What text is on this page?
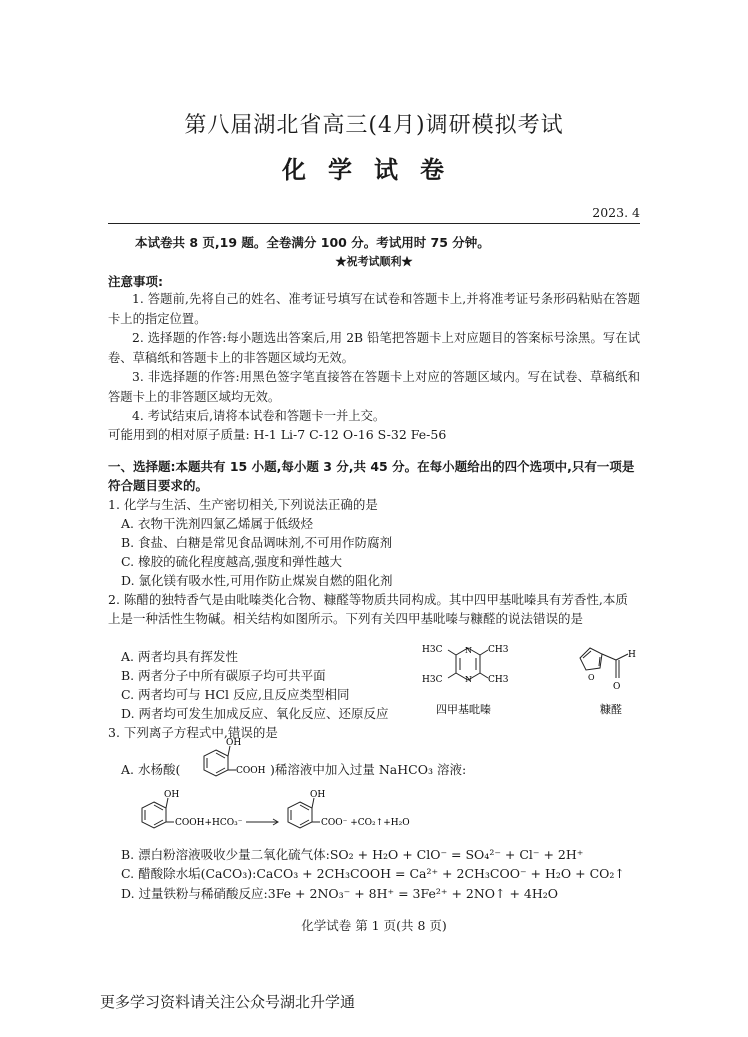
第八届湖北省高三(4月)调研模拟考试
化学试卷
2023. 4
本试卷共 8 页,19 题。全卷满分 100 分。考试用时 75 分钟。
★祝考试顺利★
注意事项:
1. 答题前,先将自己的姓名、准考证号填写在试卷和答题卡上,并将准考证号条形码粘贴在答题卡上的指定位置。
2. 选择题的作答:每小题选出答案后,用 2B 铅笔把答题卡上对应题目的答案标号涂黑。写在试卷、草稿纸和答题卡上的非答题区域均无效。
3. 非选择题的作答:用黑色签字笔直接答在答题卡上对应的答题区域内。写在试卷、草稿纸和答题卡上的非答题区域均无效。
4. 考试结束后,请将本试卷和答题卡一并上交。
可能用到的相对原子质量: H-1 Li-7 C-12 O-16 S-32 Fe-56
一、选择题:本题共有 15 小题,每小题 3 分,共 45 分。在每小题给出的四个选项中,只有一项是符合题目要求的。
1. 化学与生活、生产密切相关,下列说法正确的是
A. 衣物干洗剂四氯乙烯属于低级烃
B. 食盐、白糖是常见食品调味剂,不可用作防腐剂
C. 橡胶的硫化程度越高,强度和弹性越大
D. 氯化镁有吸水性,可用作防止煤炭自燃的阻化剂
2. 陈醋的独特香气是由吡嗪类化合物、糠醛等物质共同构成。其中四甲基吡嗪具有芳香性,本质上是一种活性生物碱。相关结构如图所示。下列有关四甲基吡嗪与糠醛的说法错误的是
A. 两者均具有挥发性
B. 两者分子中所有碳原子均可共平面
C. 两者均可与 HCl 反应,且反应类型相同
D. 两者均可发生加成反应、氧化反应、还原反应
N
N
CH3
CH3
H3C
H3C
四甲基吡嗪
O
H
O
糠醛
3. 下列离子方程式中,错误的是
A. 水杨酸(
OH
COOH )稀溶液中加入过量 NaHCO₃ 溶液:
OH
COOH+HCO₃⁻
OH
COO⁻ +CO₂↑+H₂O
B. 漂白粉溶液吸收少量二氧化硫气体:SO₂ + H₂O + ClO⁻ = SO₄²⁻ + Cl⁻ + 2H⁺
C. 醋酸除水垢(CaCO₃):CaCO₃ + 2CH₃COOH = Ca²⁺ + 2CH₃COO⁻ + H₂O + CO₂↑
D. 过量铁粉与稀硝酸反应:3Fe + 2NO₃⁻ + 8H⁺ = 3Fe²⁺ + 2NO↑ + 4H₂O
化学试卷 第 1 页(共 8 页)
更多学习资料请关注公众号湖北升学通
